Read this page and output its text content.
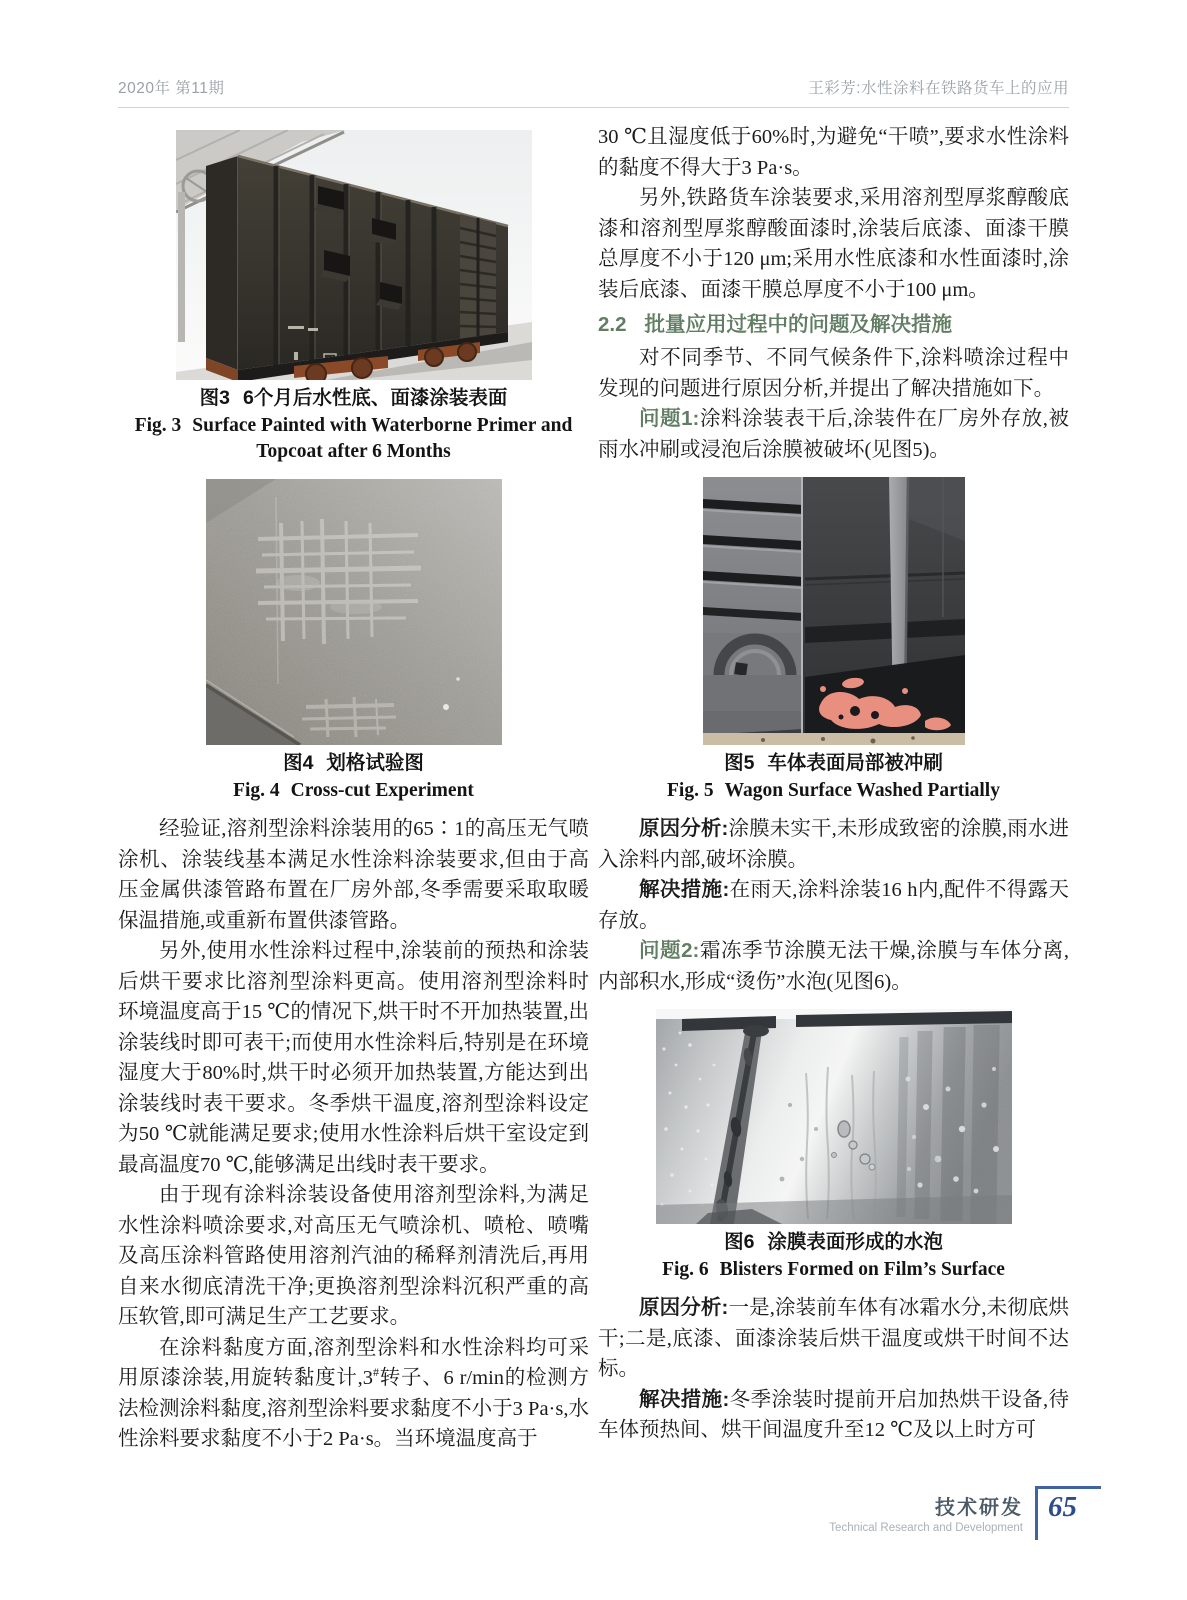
2020年 第11期	王彩芳:水性涂料在铁路货车上的应用

图3 6个月后水性底、面漆涂装表面

Fig. 3 Surface Painted with Waterborne Primer and Topcoat after 6 Months

图4 划格试验图

Fig. 4 Cross-cut Experiment

经验证,溶剂型涂料涂装用的65∶1的高压无气喷涂机、涂装线基本满足水性涂料涂装要求,但由于高压金属供漆管路布置在厂房外部,冬季需要采取取暖保温措施,或重新布置供漆管路。

另外,使用水性涂料过程中,涂装前的预热和涂装后烘干要求比溶剂型涂料更高。使用溶剂型涂料时环境温度高于15 ℃的情况下,烘干时不开加热装置,出涂装线时即可表干;而使用水性涂料后,特别是在环境湿度大于80%时,烘干时必须开加热装置,方能达到出涂装线时表干要求。冬季烘干温度,溶剂型涂料设定为50 ℃就能满足要求;使用水性涂料后烘干室设定到最高温度70 ℃,能够满足出线时表干要求。

由于现有涂料涂装设备使用溶剂型涂料,为满足水性涂料喷涂要求,对高压无气喷涂机、喷枪、喷嘴及高压涂料管路使用溶剂汽油的稀释剂清洗后,再用自来水彻底清洗干净;更换溶剂型涂料沉积严重的高压软管,即可满足生产工艺要求。

在涂料黏度方面,溶剂型涂料和水性涂料均可采用原漆涂装,用旋转黏度计,3#转子、6 r/min的检测方法检测涂料黏度,溶剂型涂料要求黏度不小于3 Pa·s,水性涂料要求黏度不小于2 Pa·s。当环境温度高于

30 ℃且湿度低于60%时,为避免“干喷”,要求水性涂料的黏度不得大于3 Pa·s。

另外,铁路货车涂装要求,采用溶剂型厚浆醇酸底漆和溶剂型厚浆醇酸面漆时,涂装后底漆、面漆干膜总厚度不小于120 μm;采用水性底漆和水性面漆时,涂装后底漆、面漆干膜总厚度不小于100 μm。

2.2 批量应用过程中的问题及解决措施

对不同季节、不同气候条件下,涂料喷涂过程中发现的问题进行原因分析,并提出了解决措施如下。

问题1:涂料涂装表干后,涂装件在厂房外存放,被雨水冲刷或浸泡后涂膜被破坏(见图5)。

图5 车体表面局部被冲刷

Fig. 5 Wagon Surface Washed Partially

原因分析:涂膜未实干,未形成致密的涂膜,雨水进入涂料内部,破坏涂膜。

解决措施:在雨天,涂料涂装16 h内,配件不得露天存放。

问题2:霜冻季节涂膜无法干燥,涂膜与车体分离,内部积水,形成“烫伤”水泡(见图6)。

图6 涂膜表面形成的水泡

Fig. 6 Blisters Formed on Film’s Surface

原因分析:一是,涂装前车体有冰霜水分,未彻底烘干;二是,底漆、面漆涂装后烘干温度或烘干时间不达标。

解决措施:冬季涂装时提前开启加热烘干设备,待车体预热间、烘干间温度升至12 ℃及以上时方可

技术研发
Technical Research and Development
65
